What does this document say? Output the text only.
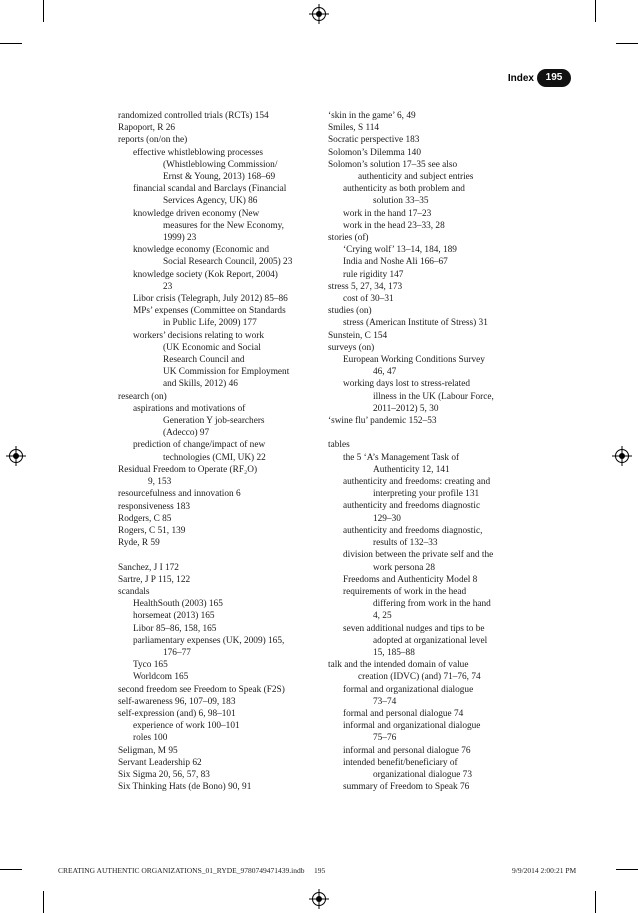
Index	195
randomized controlled trials (RCTs) 154
Rapoport, R 26
reports (on/on the)
effective whistleblowing processes
(Whistleblowing Commission/
Ernst & Young, 2013) 168–69
financial scandal and Barclays (Financial
Services Agency, UK) 86
knowledge driven economy (New
measures for the New Economy,
1999) 23
knowledge economy (Economic and
Social Research Council, 2005) 23
knowledge society (Kok Report, 2004)
23
Libor crisis (Telegraph, July 2012) 85–86
MPs’ expenses (Committee on Standards
in Public Life, 2009) 177
workers’ decisions relating to work
(UK Economic and Social
Research Council and
UK Commission for Employment
and Skills, 2012) 46
research (on)
aspirations and motivations of
Generation Y job-searchers
(Adecco) 97
prediction of change/impact of new
technologies (CMI, UK) 22
Residual Freedom to Operate (RF₂O)
9, 153
resourcefulness and innovation 6
responsiveness 183
Rodgers, C 85
Rogers, C 51, 139
Ryde, R 59
Sanchez, J I 172
Sartre, J P 115, 122
scandals
HealthSouth (2003) 165
horsemeat (2013) 165
Libor 85–86, 158, 165
parliamentary expenses (UK, 2009) 165,
176–77
Tyco 165
Worldcom 165
second freedom see Freedom to Speak (F2S)
self-awareness 96, 107–09, 183
self-expression (and) 6, 98–101
experience of work 100–101
roles 100
Seligman, M 95
Servant Leadership 62
Six Sigma 20, 56, 57, 83
Six Thinking Hats (de Bono) 90, 91
‘skin in the game’ 6, 49
Smiles, S 114
Socratic perspective 183
Solomon’s Dilemma 140
Solomon’s solution 17–35 see also
authenticity and subject entries
authenticity as both problem and
solution 33–35
work in the hand 17–23
work in the head 23–33, 28
stories (of)
‘Crying wolf’ 13–14, 184, 189
India and Noshe Ali 166–67
rule rigidity 147
stress 5, 27, 34, 173
cost of 30–31
studies (on)
stress (American Institute of Stress) 31
Sunstein, C 154
surveys (on)
European Working Conditions Survey
46, 47
working days lost to stress-related
illness in the UK (Labour Force,
2011–2012) 5, 30
‘swine flu’ pandemic 152–53
tables
the 5 ‘A’s Management Task of
Authenticity 12, 141
authenticity and freedoms: creating and
interpreting your profile 131
authenticity and freedoms diagnostic
129–30
authenticity and freedoms diagnostic,
results of 132–33
division between the private self and the
work persona 28
Freedoms and Authenticity Model 8
requirements of work in the head
differing from work in the hand
4, 25
seven additional nudges and tips to be
adopted at organizational level
15, 185–88
talk and the intended domain of value
creation (IDVC) (and) 71–76, 74
formal and organizational dialogue
73–74
formal and personal dialogue 74
informal and organizational dialogue
75–76
informal and personal dialogue 76
intended benefit/beneficiary of
organizational dialogue 73
summary of Freedom to Speak 76
CREATING AUTHENTIC ORGANIZATIONS_01_RYDE_9780749471439.indb 195	9/9/2014 2:00:21 PM
